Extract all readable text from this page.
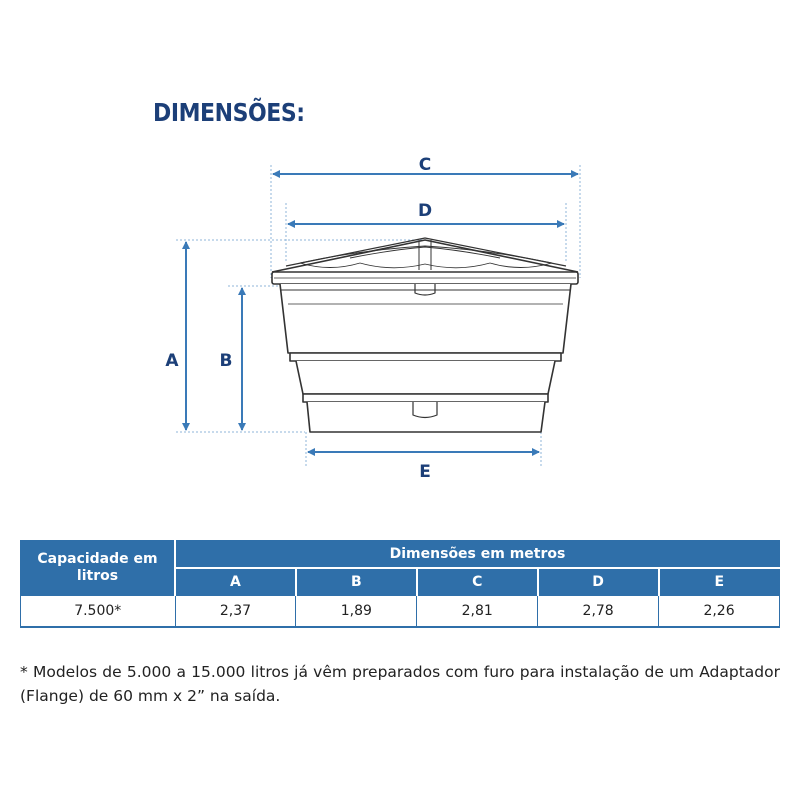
DIMENSÕES:
C
D
A B
E
Capacidade em litros	Dimensões em metros				
	A	B	C	D	E
7.500*	2,37	1,89	2,81	2,78	2,26
* Modelos de 5.000 a 15.000 litros já vêm preparados com furo para instalação de um Adaptador (Flange) de 60 mm x 2” na saída.
